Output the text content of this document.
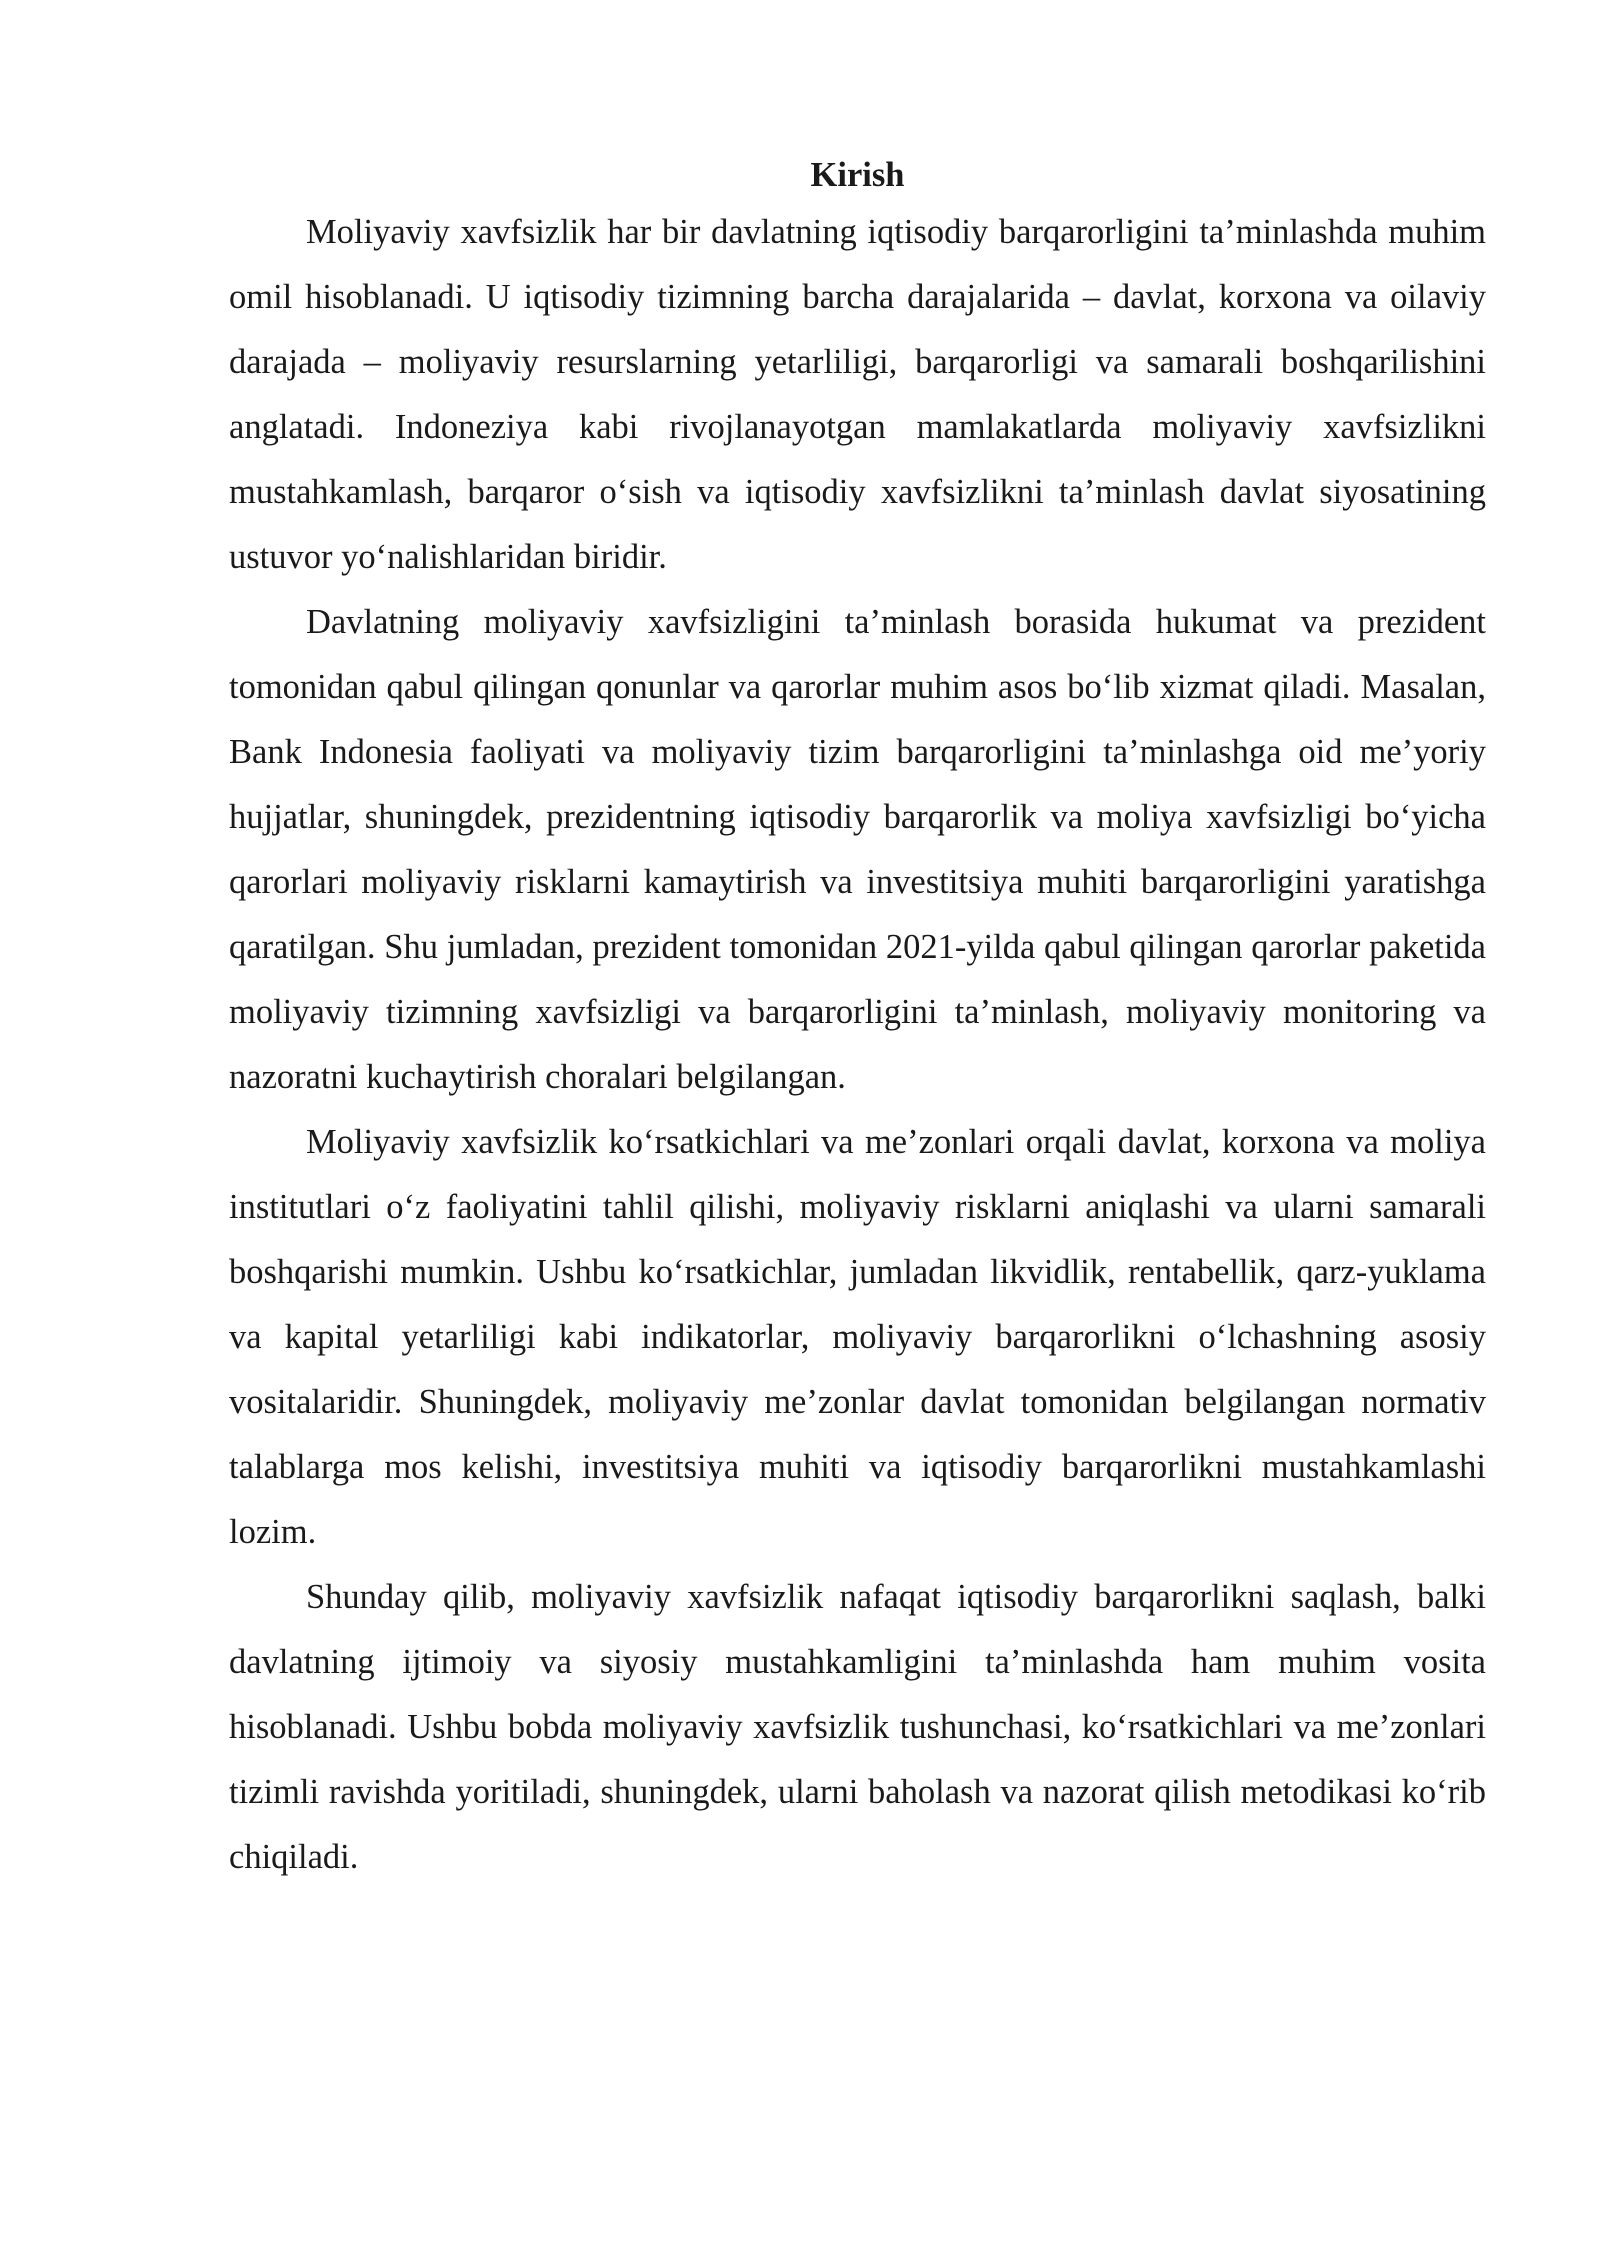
Kirish

Moliyaviy xavfsizlik har bir davlatning iqtisodiy barqarorligini ta’minlashda muhim omil hisoblanadi. U iqtisodiy tizimning barcha darajalarida – davlat, korxona va oilaviy darajada – moliyaviy resurslarning yetarliligi, barqarorligi va samarali boshqarilishini anglatadi. Indoneziya kabi rivojlanayotgan mamlakatlarda moliyaviy xavfsizlikni mustahkamlash, barqaror o‘sish va iqtisodiy xavfsizlikni ta’minlash davlat siyosatining ustuvor yo‘nalishlaridan biridir.

Davlatning moliyaviy xavfsizligini ta’minlash borasida hukumat va prezident tomonidan qabul qilingan qonunlar va qarorlar muhim asos bo‘lib xizmat qiladi. Masalan, Bank Indonesia faoliyati va moliyaviy tizim barqarorligini ta’minlashga oid me’yoriy hujjatlar, shuningdek, prezidentning iqtisodiy barqarorlik va moliya xavfsizligi bo‘yicha qarorlari moliyaviy risklarni kamaytirish va investitsiya muhiti barqarorligini yaratishga qaratilgan. Shu jumladan, prezident tomonidan 2021-yilda qabul qilingan qarorlar paketida moliyaviy tizimning xavfsizligi va barqarorligini ta’minlash, moliyaviy monitoring va nazoratni kuchaytirish choralari belgilangan.

Moliyaviy xavfsizlik ko‘rsatkichlari va me’zonlari orqali davlat, korxona va moliya institutlari o‘z faoliyatini tahlil qilishi, moliyaviy risklarni aniqlashi va ularni samarali boshqarishi mumkin. Ushbu ko‘rsatkichlar, jumladan likvidlik, rentabellik, qarz-yuklama va kapital yetarliligi kabi indikatorlar, moliyaviy barqarorlikni o‘lchashning asosiy vositalaridir. Shuningdek, moliyaviy me’zonlar davlat tomonidan belgilangan normativ talablarga mos kelishi, investitsiya muhiti va iqtisodiy barqarorlikni mustahkamlashi lozim.

Shunday qilib, moliyaviy xavfsizlik nafaqat iqtisodiy barqarorlikni saqlash, balki davlatning ijtimoiy va siyosiy mustahkamligini ta’minlashda ham muhim vosita hisoblanadi. Ushbu bobda moliyaviy xavfsizlik tushunchasi, ko‘rsatkichlari va me’zonlari tizimli ravishda yoritiladi, shuningdek, ularni baholash va nazorat qilish metodikasi ko‘rib chiqiladi.
